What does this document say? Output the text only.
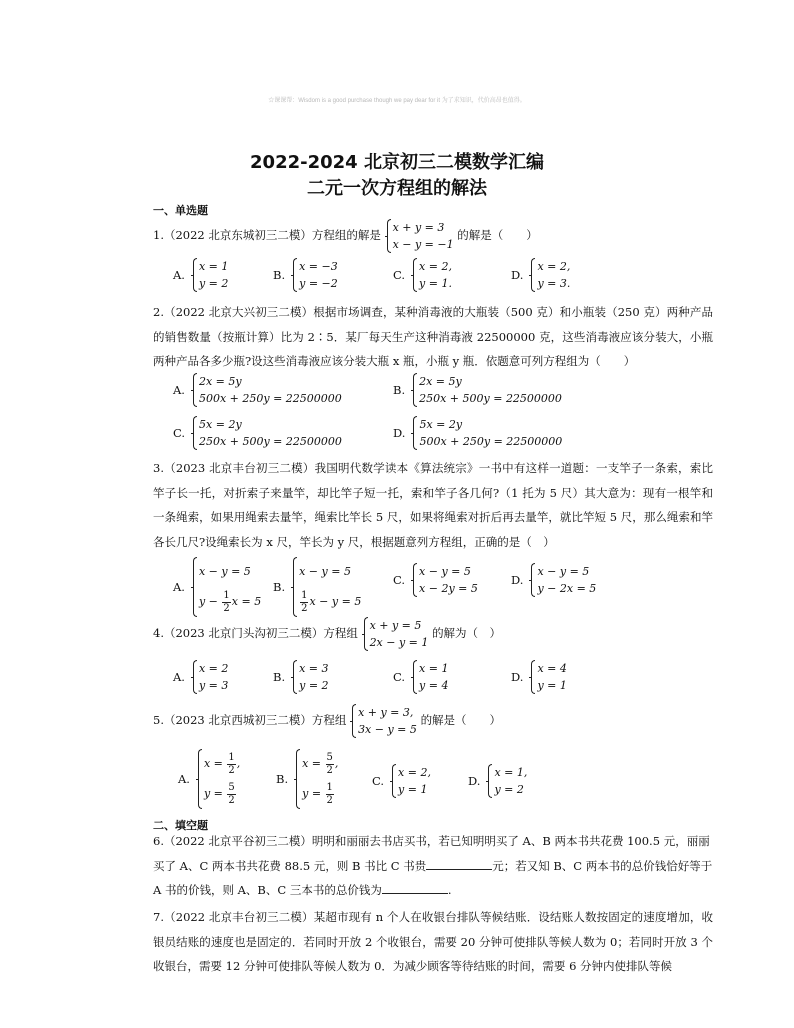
☆课课帮：Wisdom is a good purchase though we pay dear for it 为了求知识，代价高昂也值得。
2022-2024 北京初三二模数学汇编
二元一次方程组的解法
一、单选题
1.（2022 北京东城初三二模）方程组的解是
x + y = 3
x − y = −1
的解是（　　）
A.
x = 1
y = 2
B.
x = −3
y = −2
C.
x = 2,
y = 1.
D.
x = 2,
y = 3.
2.（2022 北京大兴初三二模）根据市场调查，某种消毒液的大瓶装（500 克）和小瓶装（250 克）两种产品的销售数量（按瓶计算）比为 2∶5．某厂每天生产这种消毒液 22500000 克，这些消毒液应该分装大，小瓶两种产品各多少瓶?设这些消毒液应该分装大瓶 x 瓶，小瓶 y 瓶．依题意可列方程组为（　　）
A.
2x = 5y
500x + 250y = 22500000
B.
2x = 5y
250x + 500y = 22500000
C.
5x = 2y
250x + 500y = 22500000
D.
5x = 2y
500x + 250y = 22500000
3.（2023 北京丰台初三二模）我国明代数学读本《算法统宗》一书中有这样一道题：一支竿子一条索，索比竿子长一托，对折索子来量竿，却比竿子短一托，索和竿子各几何?（1 托为 5 尺）其大意为：现有一根竿和一条绳索，如果用绳索去量竿，绳索比竿长 5 尺，如果将绳索对折后再去量竿，就比竿短 5 尺，那么绳索和竿各长几尺?设绳索长为 x 尺，竿长为 y 尺，根据题意列方程组，正确的是（　）
A.
x − y = 5
$y - \frac{1}{2}$ x = 5
B.
x − y = 5
$\frac{1}{2}$ x − y = 5
C.
x − y = 5
x − 2y = 5
D.
x − y = 5
y − 2x = 5
4.（2023 北京门头沟初三二模）方程组
x + y = 5
2x − y = 1
的解为（　）
A.
x = 2
y = 3
B.
x = 3
y = 2
C.
x = 1
y = 4
D.
x = 4
y = 1
5.（2023 北京西城初三二模）方程组
x + y = 3,
3x − y = 5
的解是（　　）
A.
$x = \frac{1}{2}$ ,
$y = \frac{5}{2}$
B.
$x = \frac{5}{2}$ ,
$y = \frac{1}{2}$
C.
x = 2,
y = 1
D.
x = 1,
y = 2
二、填空题
6.（2022 北京平谷初三二模）明明和丽丽去书店买书，若已知明明买了 A、B 两本书共花费 100.5 元，丽丽
买了 A、C 两本书共花费 88.5 元，则 B 书比 C 书贵	元；若又知 B、C 两本书的总价钱恰好等于
A 书的价钱，则 A、B、C 三本书的总价钱为	.
7.（2022 北京丰台初三二模）某超市现有 n 个人在收银台排队等候结账．设结账人数按固定的速度增加，收银员结账的速度也是固定的．若同时开放 2 个收银台，需要 20 分钟可使排队等候人数为 0；若同时开放 3 个收银台，需要 12 分钟可使排队等候人数为 0．为减少顾客等待结账的时间，需要 6 分钟内使排队等候
